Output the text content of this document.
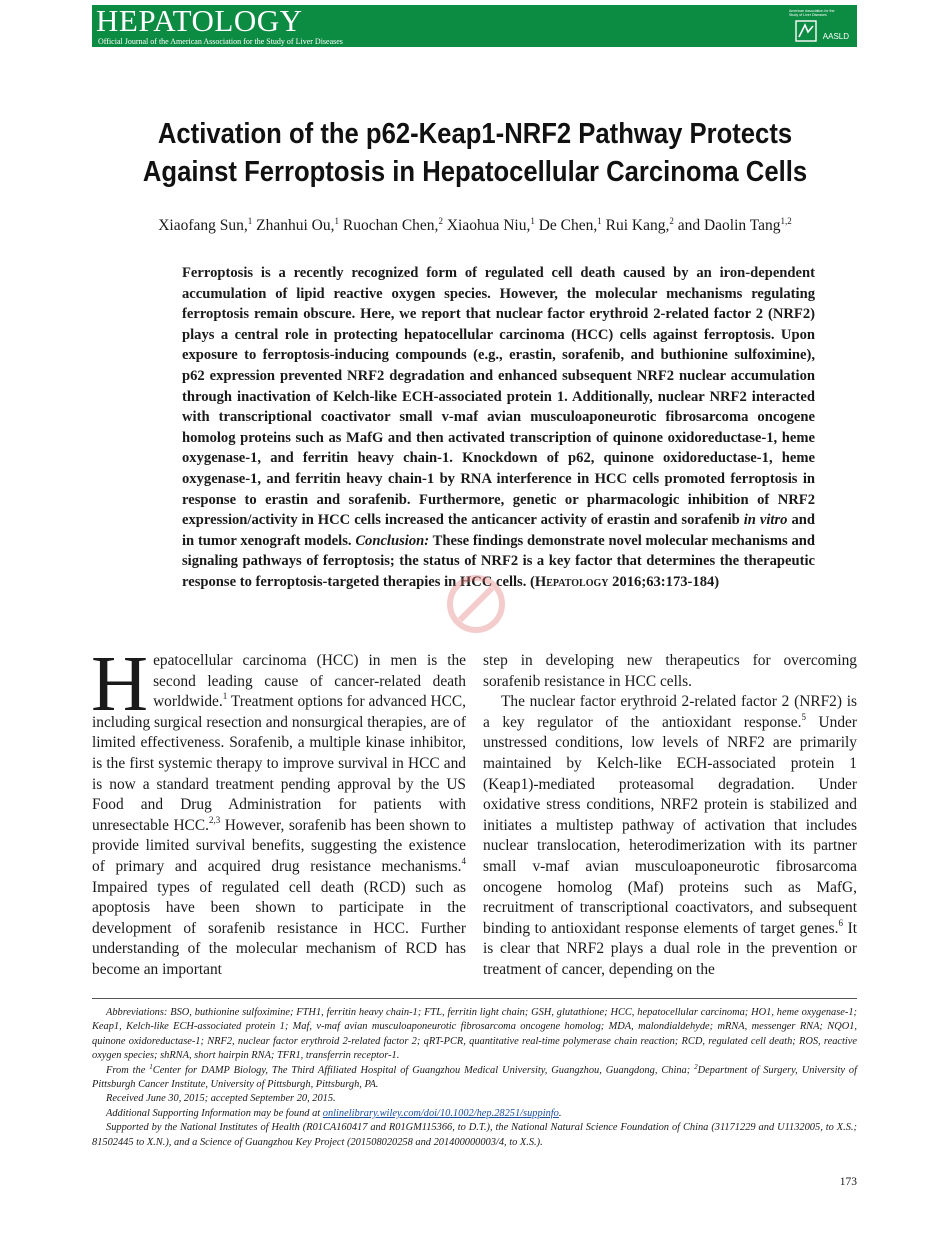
HEPATOLOGY
Official Journal of the American Association for the Study of Liver Diseases
American Association for the Study of Liver Diseases
AASLD
Activation of the p62-Keap1-NRF2 Pathway Protects
Against Ferroptosis in Hepatocellular Carcinoma Cells
Xiaofang Sun,$^1$ Zhanhui Ou,$^1$ Ruochan Chen,$^2$ Xiaohua Niu,$^1$ De Chen,$^1$ Rui Kang,$^2$ and Daolin Tang$^{1,2}$
Ferroptosis is a recently recognized form of regulated cell death caused by an iron-dependent accumulation of lipid reactive oxygen species. However, the molecular mechanisms regulating ferroptosis remain obscure. Here, we report that nuclear factor erythroid 2-related factor 2 (NRF2) plays a central role in protecting hepatocellular carcinoma (HCC) cells against ferroptosis. Upon exposure to ferroptosis-inducing compounds (e.g., erastin, sorafenib, and buthionine sulfoximine), p62 expression prevented NRF2 degradation and enhanced subsequent NRF2 nuclear accumulation through inactivation of Kelch-like ECH-associated protein 1. Additionally, nuclear NRF2 interacted with transcriptional coactivator small v-maf avian musculoaponeurotic fibrosarcoma oncogene homolog proteins such as MafG and then activated transcription of quinone oxidoreductase-1, heme oxygenase-1, and ferritin heavy chain-1. Knockdown of p62, quinone oxidoreductase-1, heme oxygenase-1, and ferritin heavy chain-1 by RNA interference in HCC cells promoted ferroptosis in response to erastin and sorafenib. Furthermore, genetic or pharmacologic inhibition of NRF2 expression/activity in HCC cells increased the anticancer activity of erastin and sorafenib in vitro and in tumor xenograft models. Conclusion: These findings demonstrate novel molecular mechanisms and signaling pathways of ferroptosis; the status of NRF2 is a key factor that determines the therapeutic response to ferroptosis-targeted therapies in HCC cells. (Hepatology 2016;63:173-184)

Hepatocellular carcinoma (HCC) in men is the second leading cause of cancer-related death worldwide.$^1$ Treatment options for advanced HCC, including surgical resection and nonsurgical therapies, are of limited effectiveness. Sorafenib, a multiple kinase inhibitor, is the first systemic therapy to improve survival in HCC and is now a standard treatment pending approval by the US Food and Drug Administration for patients with unresectable HCC.$^{2,3}$ However, sorafenib has been shown to provide limited survival benefits, suggesting the existence of primary and acquired drug resistance mechanisms.$^4$ Impaired types of regulated cell death (RCD) such as apoptosis have been shown to participate in the development of sorafenib resistance in HCC. Further understanding of the molecular mechanism of RCD has become an important

step in developing new therapeutics for overcoming sorafenib resistance in HCC cells.

The nuclear factor erythroid 2-related factor 2 (NRF2) is a key regulator of the antioxidant response.$^5$ Under unstressed conditions, low levels of NRF2 are primarily maintained by Kelch-like ECH-associated protein 1 (Keap1)-mediated proteasomal degradation. Under oxidative stress conditions, NRF2 protein is stabilized and initiates a multistep pathway of activation that includes nuclear translocation, heterodimerization with its partner small v-maf avian musculoaponeurotic fibrosarcoma oncogene homolog (Maf) proteins such as MafG, recruitment of transcriptional coactivators, and subsequent binding to antioxidant response elements of target genes.$^6$ It is clear that NRF2 plays a dual role in the prevention or treatment of cancer, depending on the

Abbreviations: BSO, buthionine sulfoximine; FTH1, ferritin heavy chain-1; FTL, ferritin light chain; GSH, glutathione; HCC, hepatocellular carcinoma; HO1, heme oxygenase-1; Keap1, Kelch-like ECH-associated protein 1; Maf, v-maf avian musculoaponeurotic fibrosarcoma oncogene homolog; MDA, malondialdehyde; mRNA, messenger RNA; NQO1, quinone oxidoreductase-1; NRF2, nuclear factor erythroid 2-related factor 2; qRT-PCR, quantitative real-time polymerase chain reaction; RCD, regulated cell death; ROS, reactive oxygen species; shRNA, short hairpin RNA; TFR1, transferrin receptor-1.

From the $^1$Center for DAMP Biology, The Third Affiliated Hospital of Guangzhou Medical University, Guangzhou, Guangdong, China; $^2$Department of Surgery, University of Pittsburgh Cancer Institute, University of Pittsburgh, Pittsburgh, PA.

Received June 30, 2015; accepted September 20, 2015.

Additional Supporting Information may be found at onlinelibrary.wiley.com/doi/10.1002/hep.28251/suppinfo.

Supported by the National Institutes of Health (R01CA160417 and R01GM115366, to D.T.), the National Natural Science Foundation of China (31171229 and U1132005, to X.S.; 81502445 to X.N.), and a Science of Guangzhou Key Project (201508020258 and 201400000003/4, to X.S.).

173
